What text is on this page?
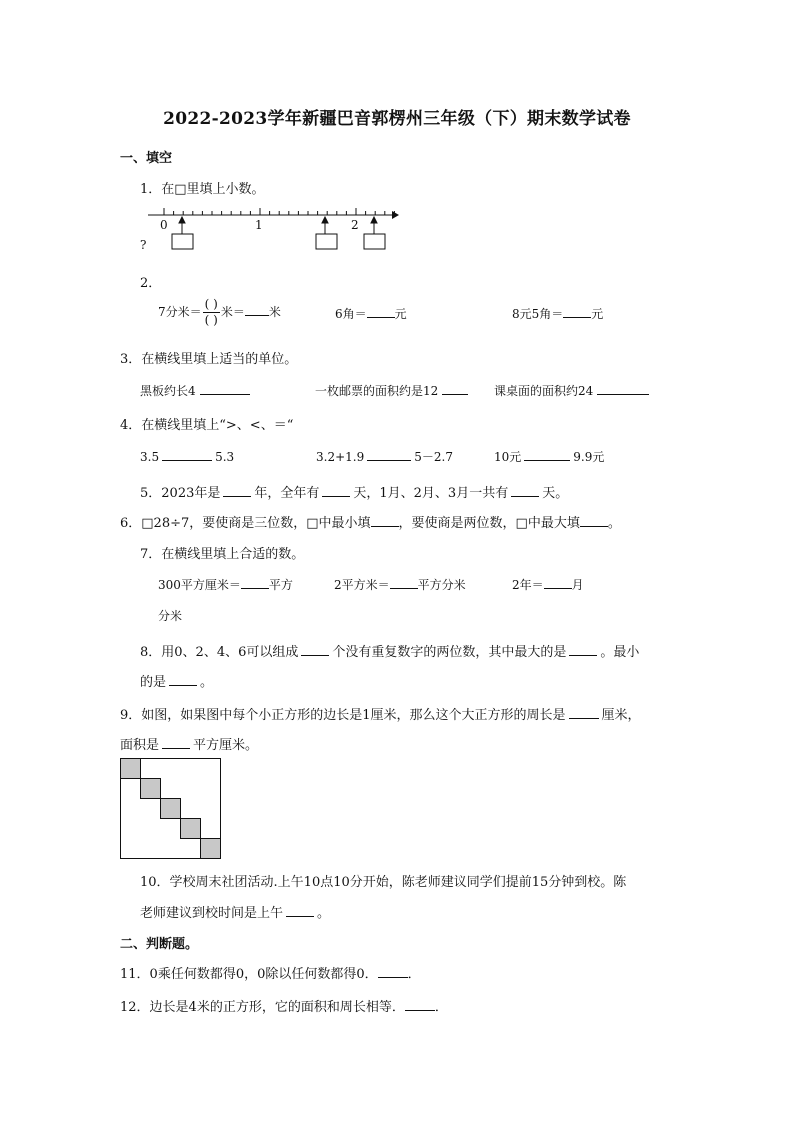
2022-2023学年新疆巴音郭楞州三年级（下）期末数学试卷
一、填空
1．在□里填上小数。
0	1	2
?
2．
7分米＝ $\frac{( )}{( )}$ 米＝ 米	6角＝ 元	8元5角＝ 元
3．在横线里填上适当的单位。
黑板约长4	一枚邮票的面积约是12	课桌面的面积约24
4．在横线里填上“>、<、＝“
3.5	5.3	3.2+1.9	5－2.7	10元	9.9元
5．2023年是	年，全年有	天，1月、2月、3月一共有	天。
6．□28÷7，要使商是三位数，□中最小填 ，要使商是两位数，□中最大填 。
7．在横线里填上合适的数。
300平方厘米＝ 平方	2平方米＝ 平方分米	2年＝ 月
分米
8．用0、2、4、6可以组成	个没有重复数字的两位数，其中最大的是	。最小
的是	。
9．如图，如果图中每个小正方形的边长是1厘米，那么这个大正方形的周长是	厘米，
面积是	平方厘米。
10．学校周末社团活动.上午10点10分开始，陈老师建议同学们提前15分钟到校。陈
老师建议到校时间是上午	。
二、判断题。
11．0乘任何数都得0，0除以任何数都得0． ．
12．边长是4米的正方形，它的面积和周长相等． ．
